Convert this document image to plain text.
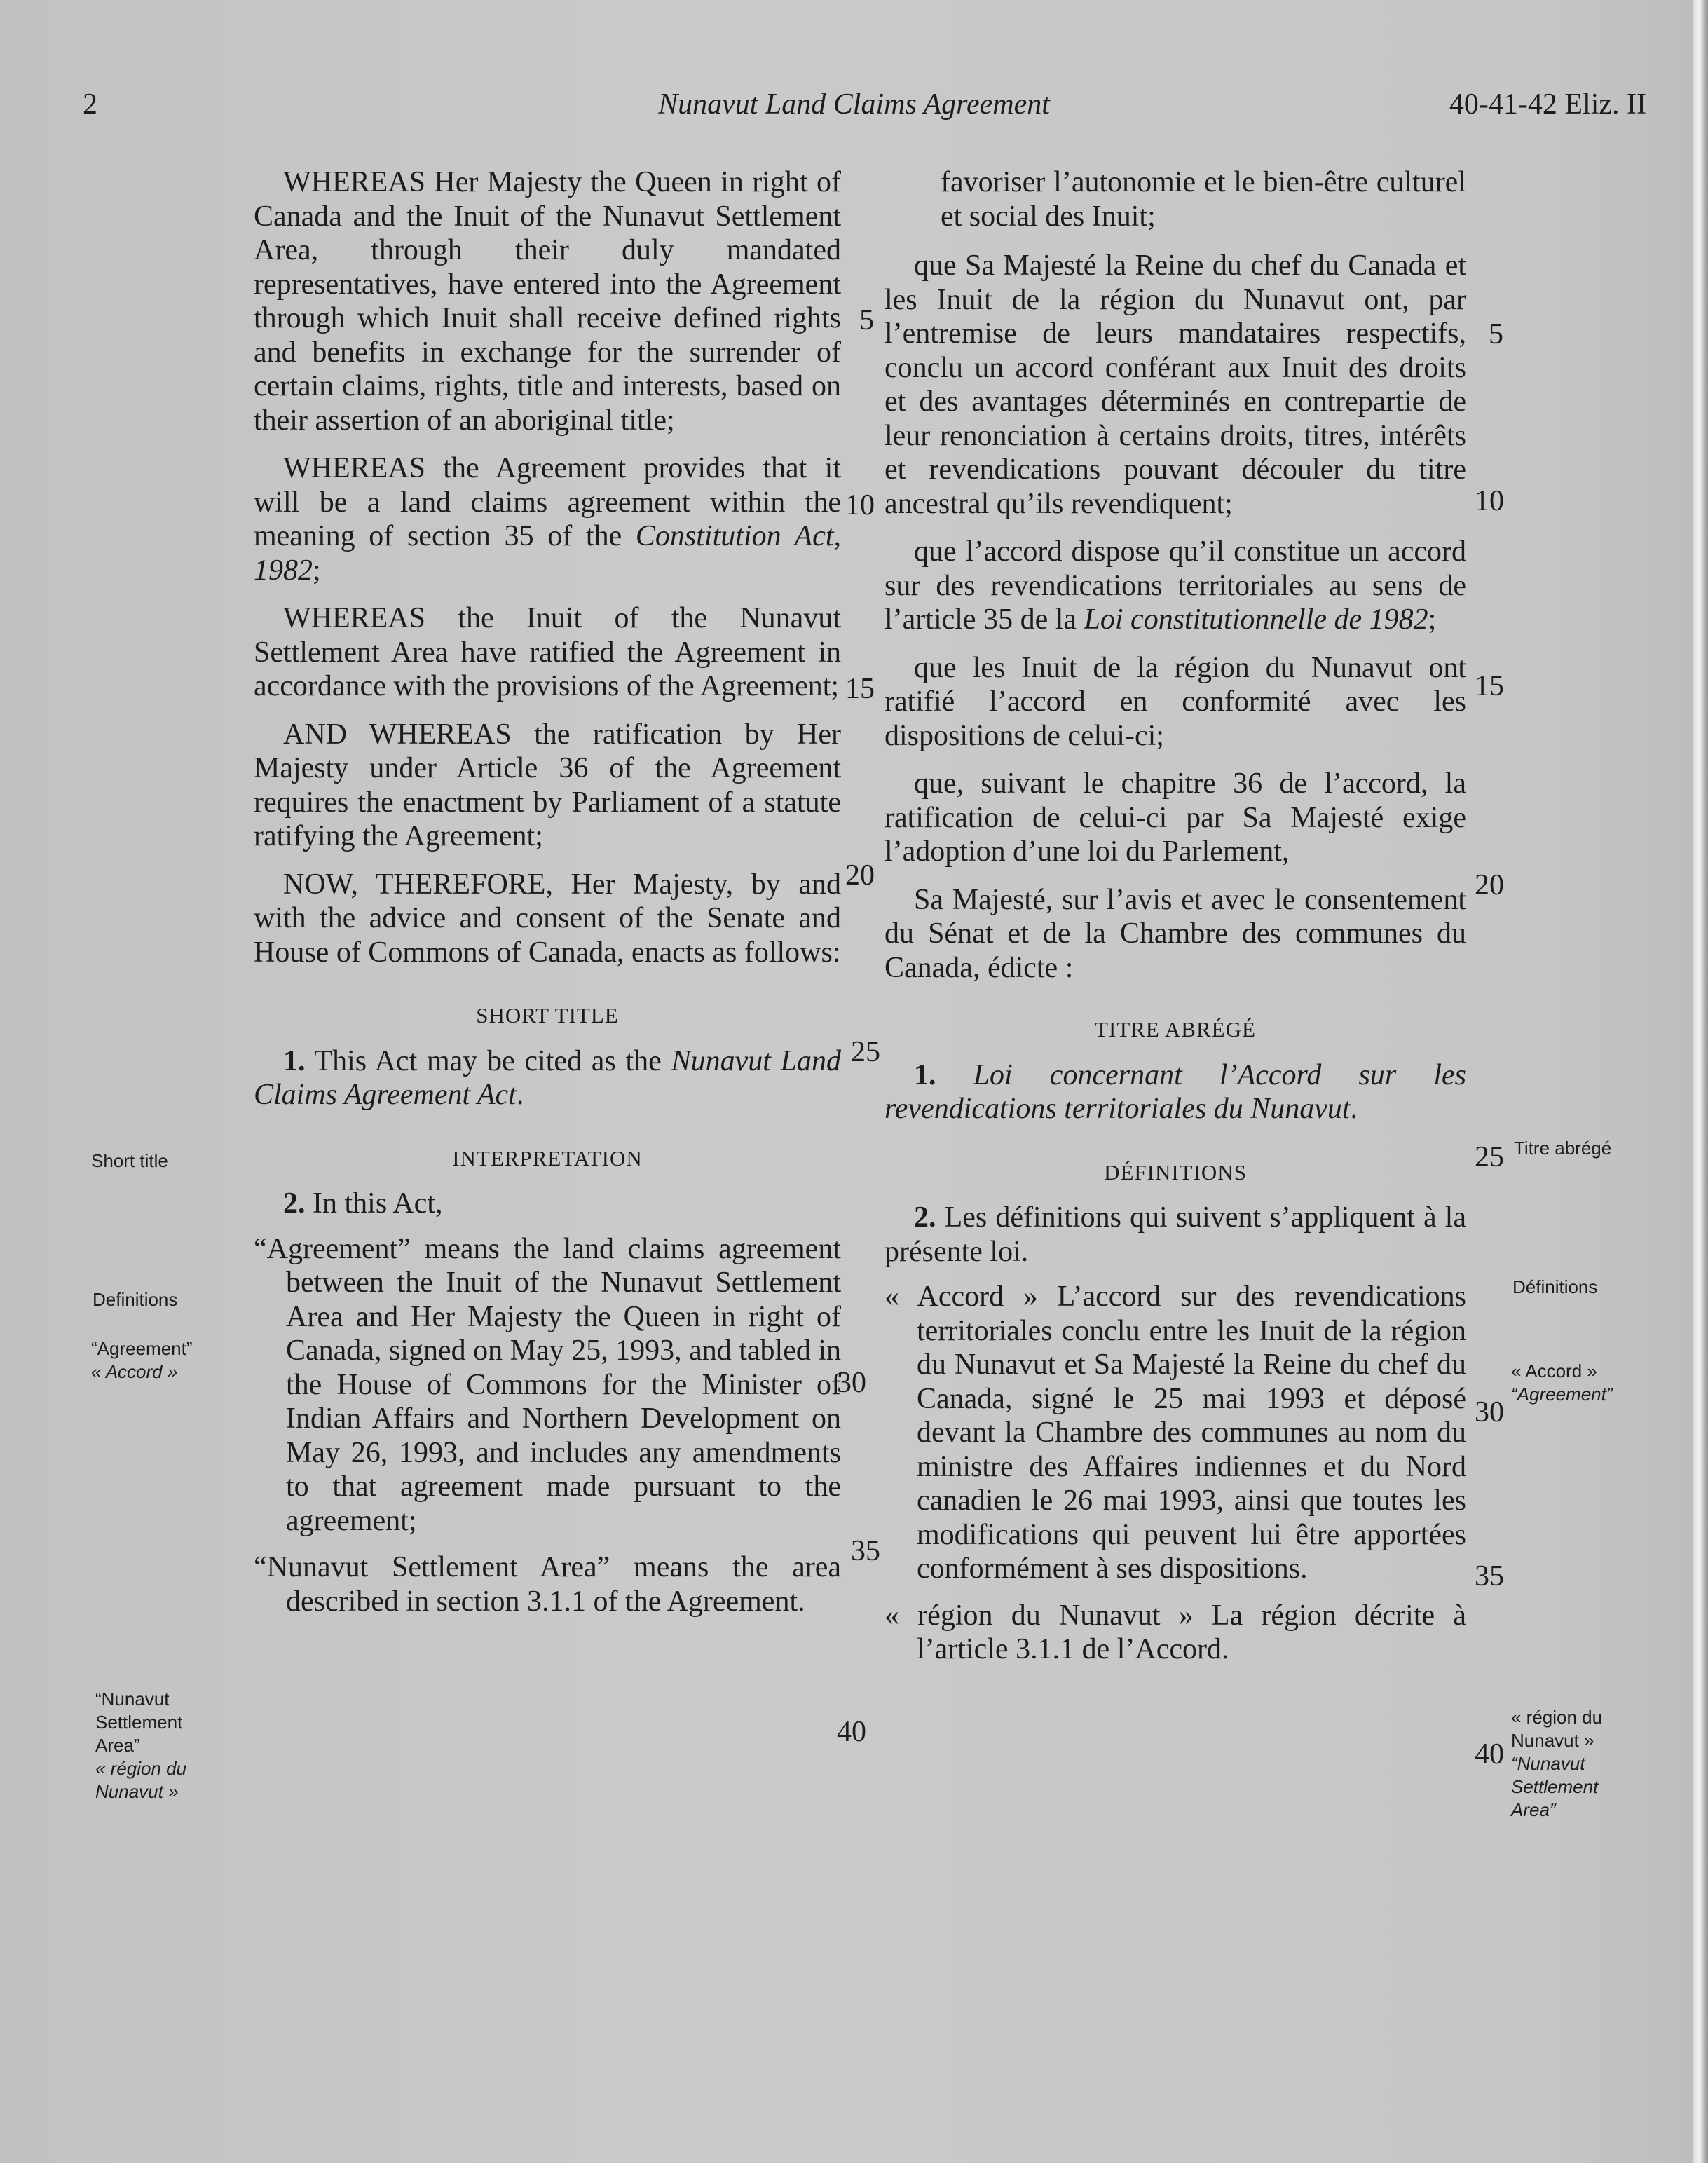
2	Nunavut Land Claims Agreement	40-41-42 Eliz. II

WHEREAS Her Majesty the Queen in right of Canada and the Inuit of the Nunavut Settlement Area, through their duly mandated representatives, have entered into the Agreement through which Inuit shall receive defined rights and benefits in exchange for the surrender of certain claims, rights, title and interests, based on their assertion of an aboriginal title;

WHEREAS the Agreement provides that it will be a land claims agreement within the meaning of section 35 of the Constitution Act, 1982;

WHEREAS the Inuit of the Nunavut Settlement Area have ratified the Agreement in accordance with the provisions of the Agreement;

AND WHEREAS the ratification by Her Majesty under Article 36 of the Agreement requires the enactment by Parliament of a statute ratifying the Agreement;

NOW, THEREFORE, Her Majesty, by and with the advice and consent of the Senate and House of Commons of Canada, enacts as follows:

SHORT TITLE

1. This Act may be cited as the Nunavut Land Claims Agreement Act.

INTERPRETATION

2. In this Act,

“Agreement” means the land claims agreement between the Inuit of the Nunavut Settlement Area and Her Majesty the Queen in right of Canada, signed on May 25, 1993, and tabled in the House of Commons for the Minister of Indian Affairs and Northern Development on May 26, 1993, and includes any amendments to that agreement made pursuant to the agreement;

“Nunavut Settlement Area” means the area described in section 3.1.1 of the Agreement.

favoriser l’autonomie et le bien-être culturel et social des Inuit;

que Sa Majesté la Reine du chef du Canada et les Inuit de la région du Nunavut ont, par l’entremise de leurs mandataires respectifs, conclu un accord conférant aux Inuit des droits et des avantages déterminés en contrepartie de leur renonciation à certains droits, titres, intérêts et revendications pouvant découler du titre ancestral qu’ils revendiquent;

que l’accord dispose qu’il constitue un accord sur des revendications territoriales au sens de l’article 35 de la Loi constitutionnelle de 1982;

que les Inuit de la région du Nunavut ont ratifié l’accord en conformité avec les dispositions de celui-ci;

que, suivant le chapitre 36 de l’accord, la ratification de celui-ci par Sa Majesté exige l’adoption d’une loi du Parlement,

Sa Majesté, sur l’avis et avec le consentement du Sénat et de la Chambre des communes du Canada, édicte :

TITRE ABRÉGÉ

1. Loi concernant l’Accord sur les revendications territoriales du Nunavut.

DÉFINITIONS

2. Les définitions qui suivent s’appliquent à la présente loi.

« Accord » L’accord sur des revendications territoriales conclu entre les Inuit de la région du Nunavut et Sa Majesté la Reine du chef du Canada, signé le 25 mai 1993 et déposé devant la Chambre des communes au nom du ministre des Affaires indiennes et du Nord canadien le 26 mai 1993, ainsi que toutes les modifications qui peuvent lui être apportées conformément à ses dispositions.

« région du Nunavut » La région décrite à l’article 3.1.1 de l’Accord.

5
10
15
20
25
30
35
40
5
10
15
20
25
30
35
40
Short title
Definitions
“Agreement”
« Accord »
“Nunavut
Settlement
Area”
« région du
Nunavut »
Titre abrégé
Définitions
« Accord »
“Agreement”
« région du
Nunavut »
“Nunavut
Settlement
Area”
